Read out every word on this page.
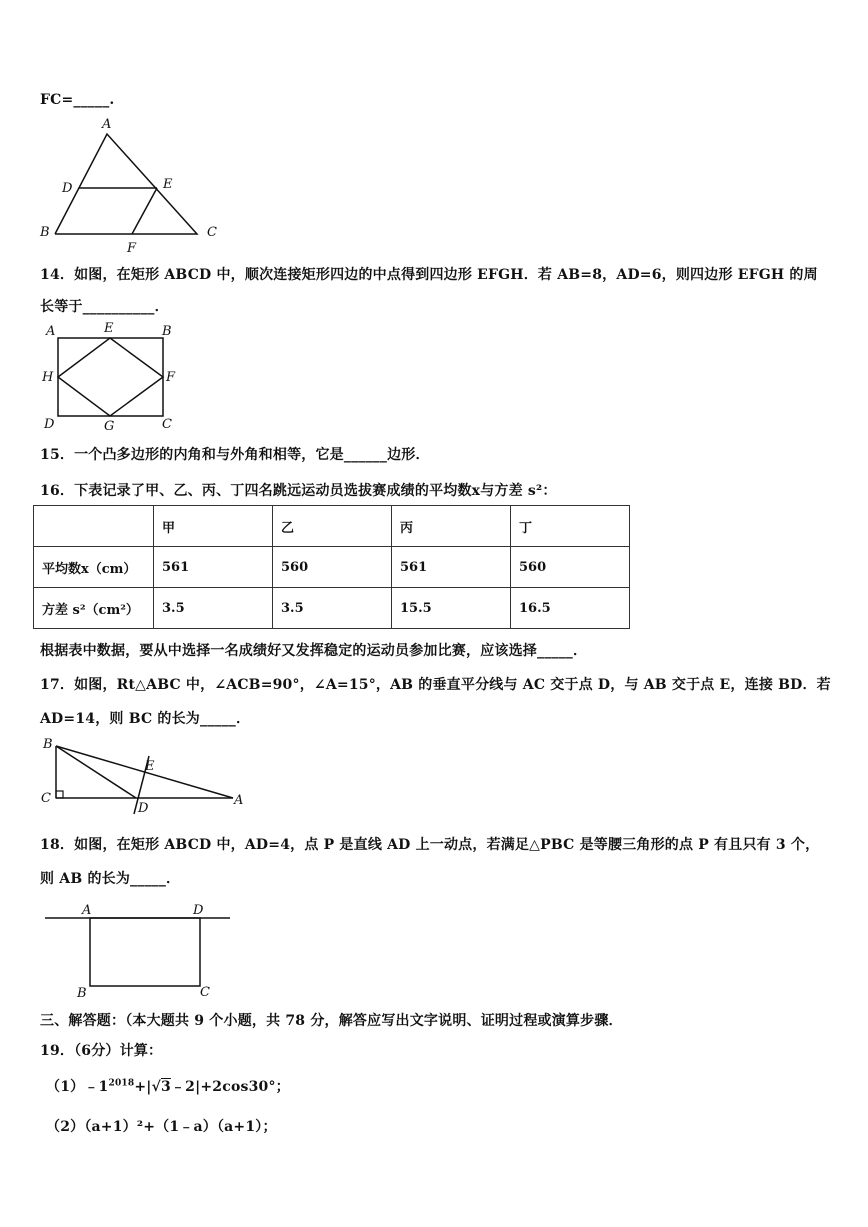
FC=_____.
A
D	E
B
F
C
14．如图，在矩形 ABCD 中，顺次连接矩形四边的中点得到四边形 EFGH．若 AB=8，AD=6，则四边形 EFGH 的周
长等于__________．
A	E	B
H	F
D	G	C
15．一个凸多边形的内角和与外角和相等，它是______边形．
16．下表记录了甲、乙、丙、丁四名跳远运动员选拔赛成绩的平均数x与方差 s²：
	甲	乙	丙	丁
平均数x（cm）	561	560	561	560
方差 s²（cm²）	3.5	3.5	15.5	16.5
根据表中数据，要从中选择一名成绩好又发挥稳定的运动员参加比赛，应该选择_____．
17．如图，Rt△ABC 中，∠ACB=90°，∠A=15°，AB 的垂直平分线与 AC 交于点 D，与 AB 交于点 E，连接 BD．若
AD=14，则 BC 的长为_____．
B
C
E
D
A
18．如图，在矩形 ABCD 中，AD=4，点 P 是直线 AD 上一动点，若满足△PBC 是等腰三角形的点 P 有且只有 3 个，
则 AB 的长为_____．
A	D
B	C
三、解答题：（本大题共 9 个小题，共 78 分，解答应写出文字说明、证明过程或演算步骤．
19．（6分）计算：
$(1)﹣1^{2018}+|√3﹣2|+2\cos 30^\circ$；
（2）（a+1）²+（1﹣a）（a+1）；
